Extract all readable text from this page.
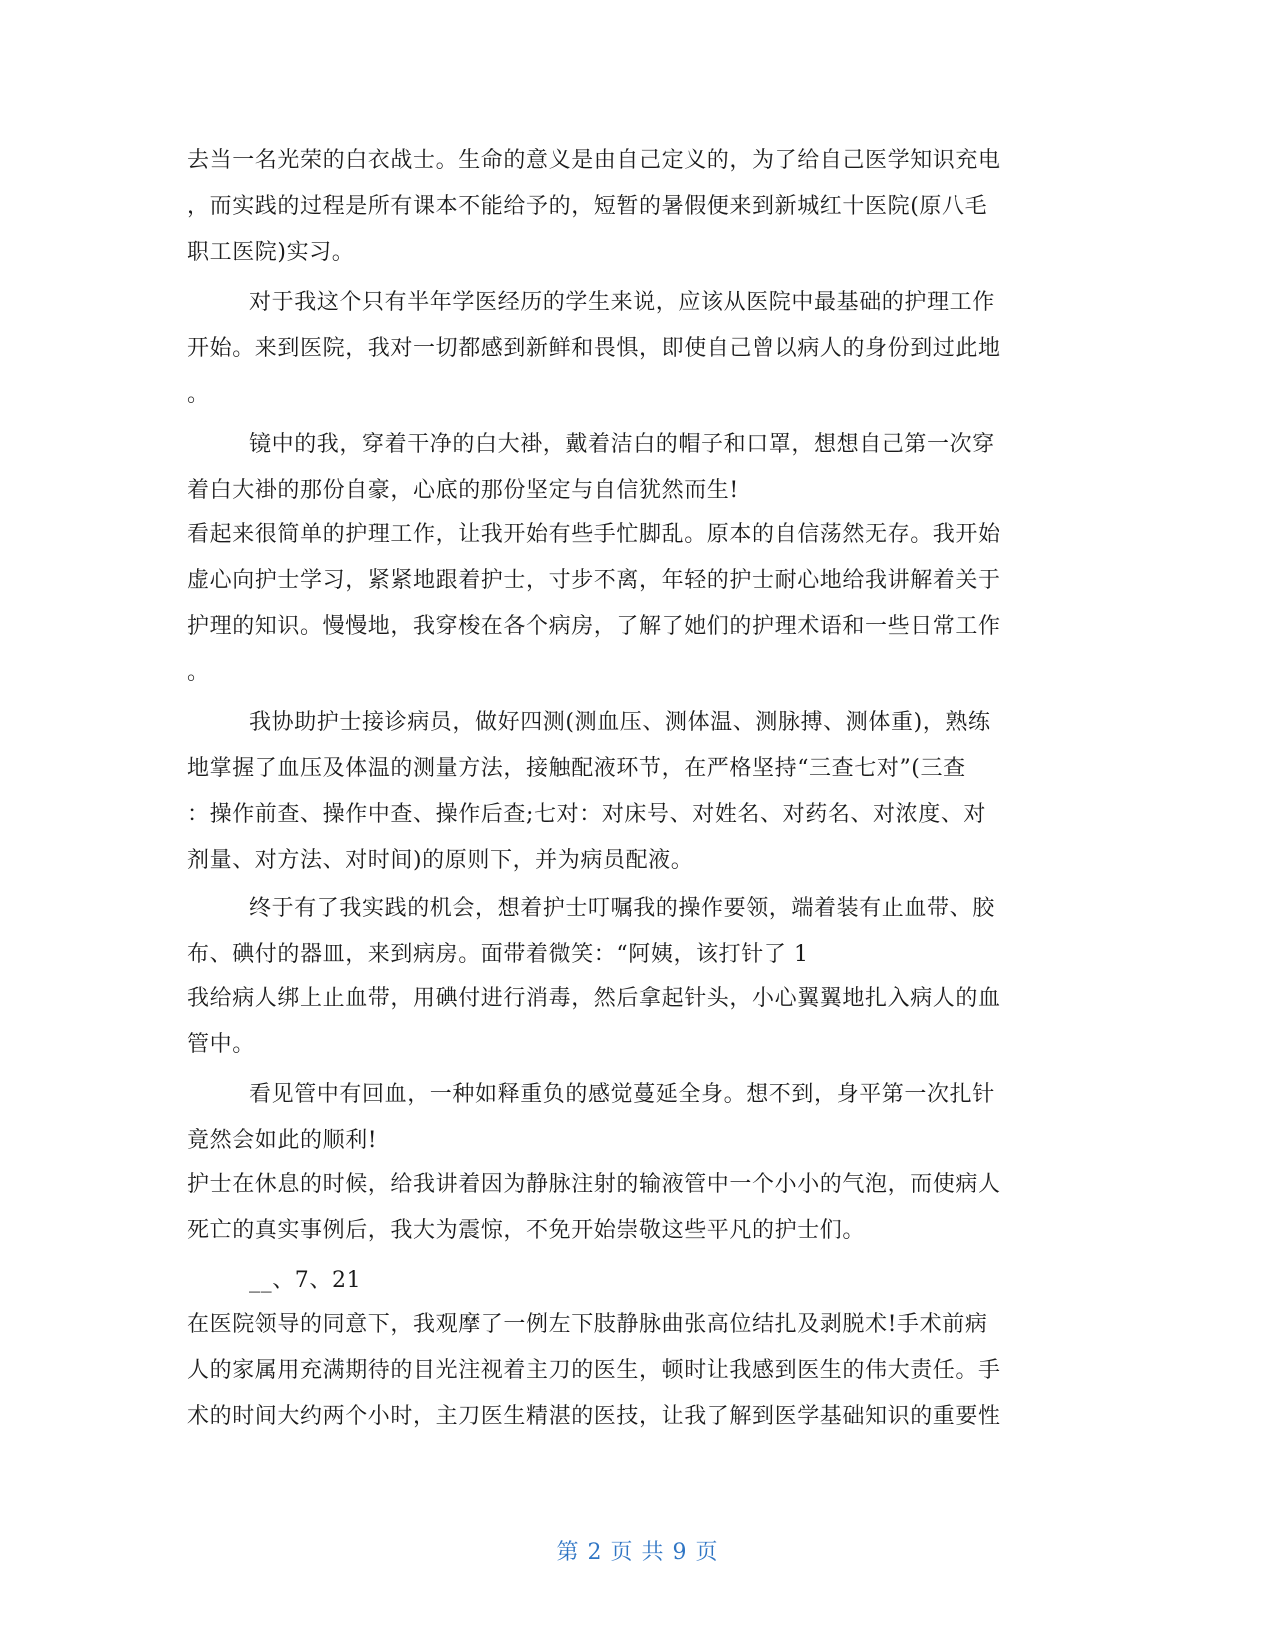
去当一名光荣的白衣战士。生命的意义是由自己定义的，为了给自己医学知识充电
，而实践的过程是所有课本不能给予的，短暂的暑假便来到新城红十医院(原八毛
职工医院)实习。
对于我这个只有半年学医经历的学生来说，应该从医院中最基础的护理工作
开始。来到医院，我对一切都感到新鲜和畏惧，即使自己曾以病人的身份到过此地
。
镜中的我，穿着干净的白大褂，戴着洁白的帽子和口罩，想想自己第一次穿
着白大褂的那份自豪，心底的那份坚定与自信犹然而生!
看起来很简单的护理工作，让我开始有些手忙脚乱。原本的自信荡然无存。我开始
虚心向护士学习，紧紧地跟着护士，寸步不离，年轻的护士耐心地给我讲解着关于
护理的知识。慢慢地，我穿梭在各个病房，了解了她们的护理术语和一些日常工作
。
我协助护士接诊病员，做好四测(测血压、测体温、测脉搏、测体重)，熟练
地掌握了血压及体温的测量方法，接触配液环节，在严格坚持“三查七对”(三查
：操作前查、操作中查、操作后查;七对：对床号、对姓名、对药名、对浓度、对
剂量、对方法、对时间)的原则下，并为病员配液。
终于有了我实践的机会，想着护士叮嘱我的操作要领，端着装有止血带、胶
布、碘付的器皿，来到病房。面带着微笑：“阿姨，该打针了 1
我给病人绑上止血带，用碘付进行消毒，然后拿起针头，小心翼翼地扎入病人的血
管中。
看见管中有回血，一种如释重负的感觉蔓延全身。想不到，身平第一次扎针
竟然会如此的顺利!
护士在休息的时候，给我讲着因为静脉注射的输液管中一个小小的气泡，而使病人
死亡的真实事例后，我大为震惊，不免开始崇敬这些平凡的护士们。
__、7、21
在医院领导的同意下，我观摩了一例左下肢静脉曲张高位结扎及剥脱术!手术前病
人的家属用充满期待的目光注视着主刀的医生，顿时让我感到医生的伟大责任。手
术的时间大约两个小时，主刀医生精湛的医技，让我了解到医学基础知识的重要性
第 2 页 共 9 页
